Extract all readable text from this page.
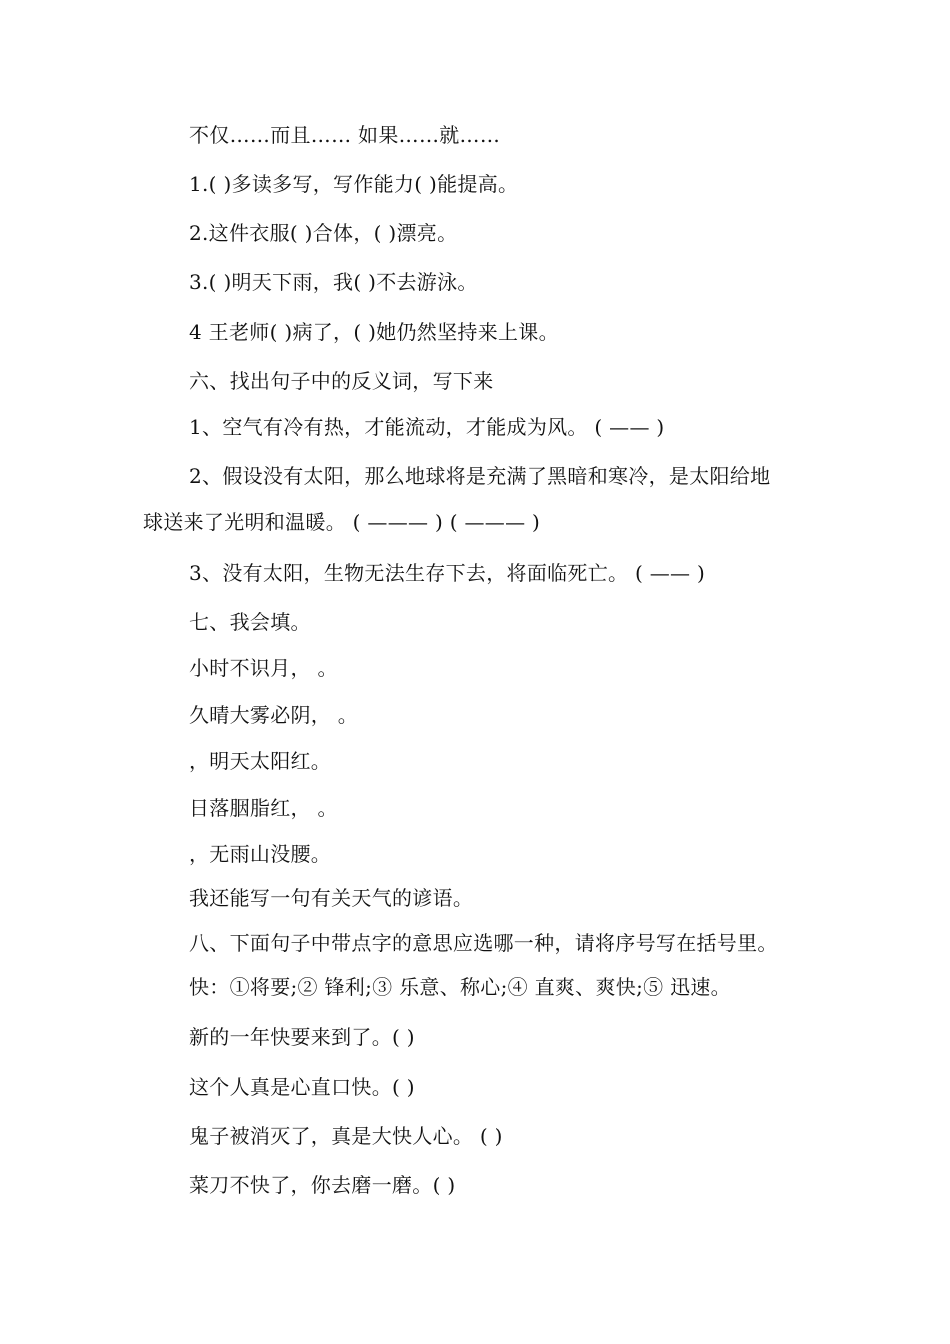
不仅……而且…… 如果……就……
1.( )多读多写，写作能力( )能提高。
2.这件衣服( )合体，( )漂亮。
3.( )明天下雨，我( )不去游泳。
4 王老师( )病了，( )她仍然坚持来上课。
六、找出句子中的反义词，写下来
1、空气有冷有热，才能流动，才能成为风。 ( —— )
2、假设没有太阳，那么地球将是充满了黑暗和寒冷，是太阳给地
球送来了光明和温暖。 ( ——— ) ( ——— )
3、没有太阳，生物无法生存下去，将面临死亡。 ( —— )
七、我会填。
小时不识月， 。
久晴大雾必阴， 。
，明天太阳红。
日落胭脂红， 。
，无雨山没腰。
我还能写一句有关天气的谚语。
八、下面句子中带点字的意思应选哪一种，请将序号写在括号里。
快：①将要;② 锋利;③ 乐意、称心;④ 直爽、爽快;⑤ 迅速。
新的一年快要来到了。( )
这个人真是心直口快。( )
鬼子被消灭了，真是大快人心。 ( )
菜刀不快了，你去磨一磨。( )
